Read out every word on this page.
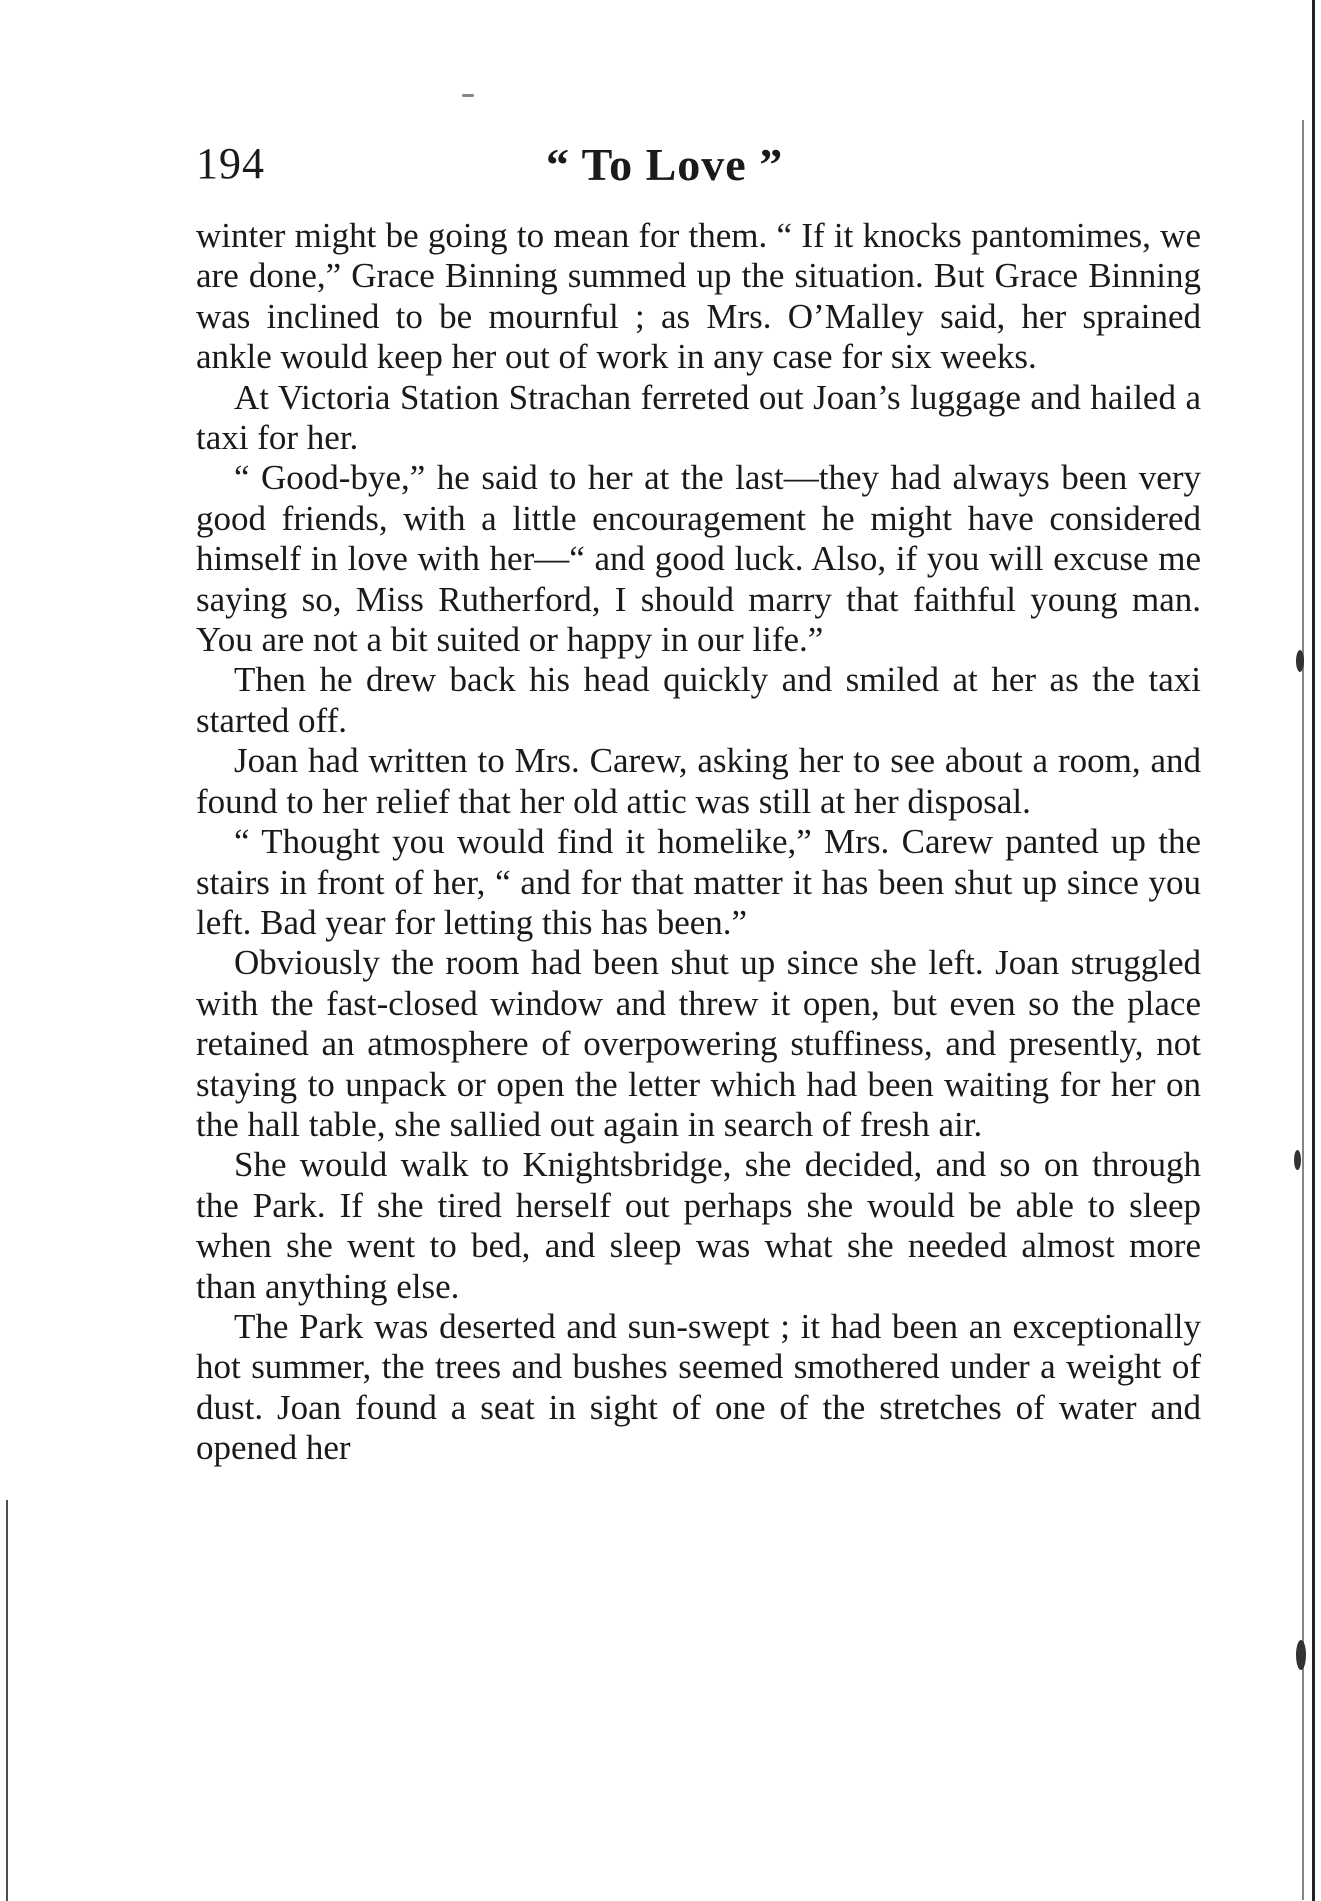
194	“ To Love ”

winter might be going to mean for them. “ If it knocks pantomimes, we are done,” Grace Binning summed up the situation. But Grace Binning was inclined to be mournful ; as Mrs. O’Malley said, her sprained ankle would keep her out of work in any case for six weeks.

At Victoria Station Strachan ferreted out Joan’s luggage and hailed a taxi for her.

“ Good-bye,” he said to her at the last—they had always been very good friends, with a little encouragement he might have considered himself in love with her—“ and good luck. Also, if you will excuse me saying so, Miss Rutherford, I should marry that faithful young man. You are not a bit suited or happy in our life.”

Then he drew back his head quickly and smiled at her as the taxi started off.

Joan had written to Mrs. Carew, asking her to see about a room, and found to her relief that her old attic was still at her disposal.

“ Thought you would find it homelike,” Mrs. Carew panted up the stairs in front of her, “ and for that matter it has been shut up since you left. Bad year for letting this has been.”

Obviously the room had been shut up since she left. Joan struggled with the fast-closed window and threw it open, but even so the place retained an atmosphere of overpowering stuffiness, and presently, not staying to unpack or open the letter which had been waiting for her on the hall table, she sallied out again in search of fresh air.

She would walk to Knightsbridge, she decided, and so on through the Park. If she tired herself out perhaps she would be able to sleep when she went to bed, and sleep was what she needed almost more than anything else.

The Park was deserted and sun-swept ; it had been an exceptionally hot summer, the trees and bushes seemed smothered under a weight of dust. Joan found a seat in sight of one of the stretches of water and opened her
